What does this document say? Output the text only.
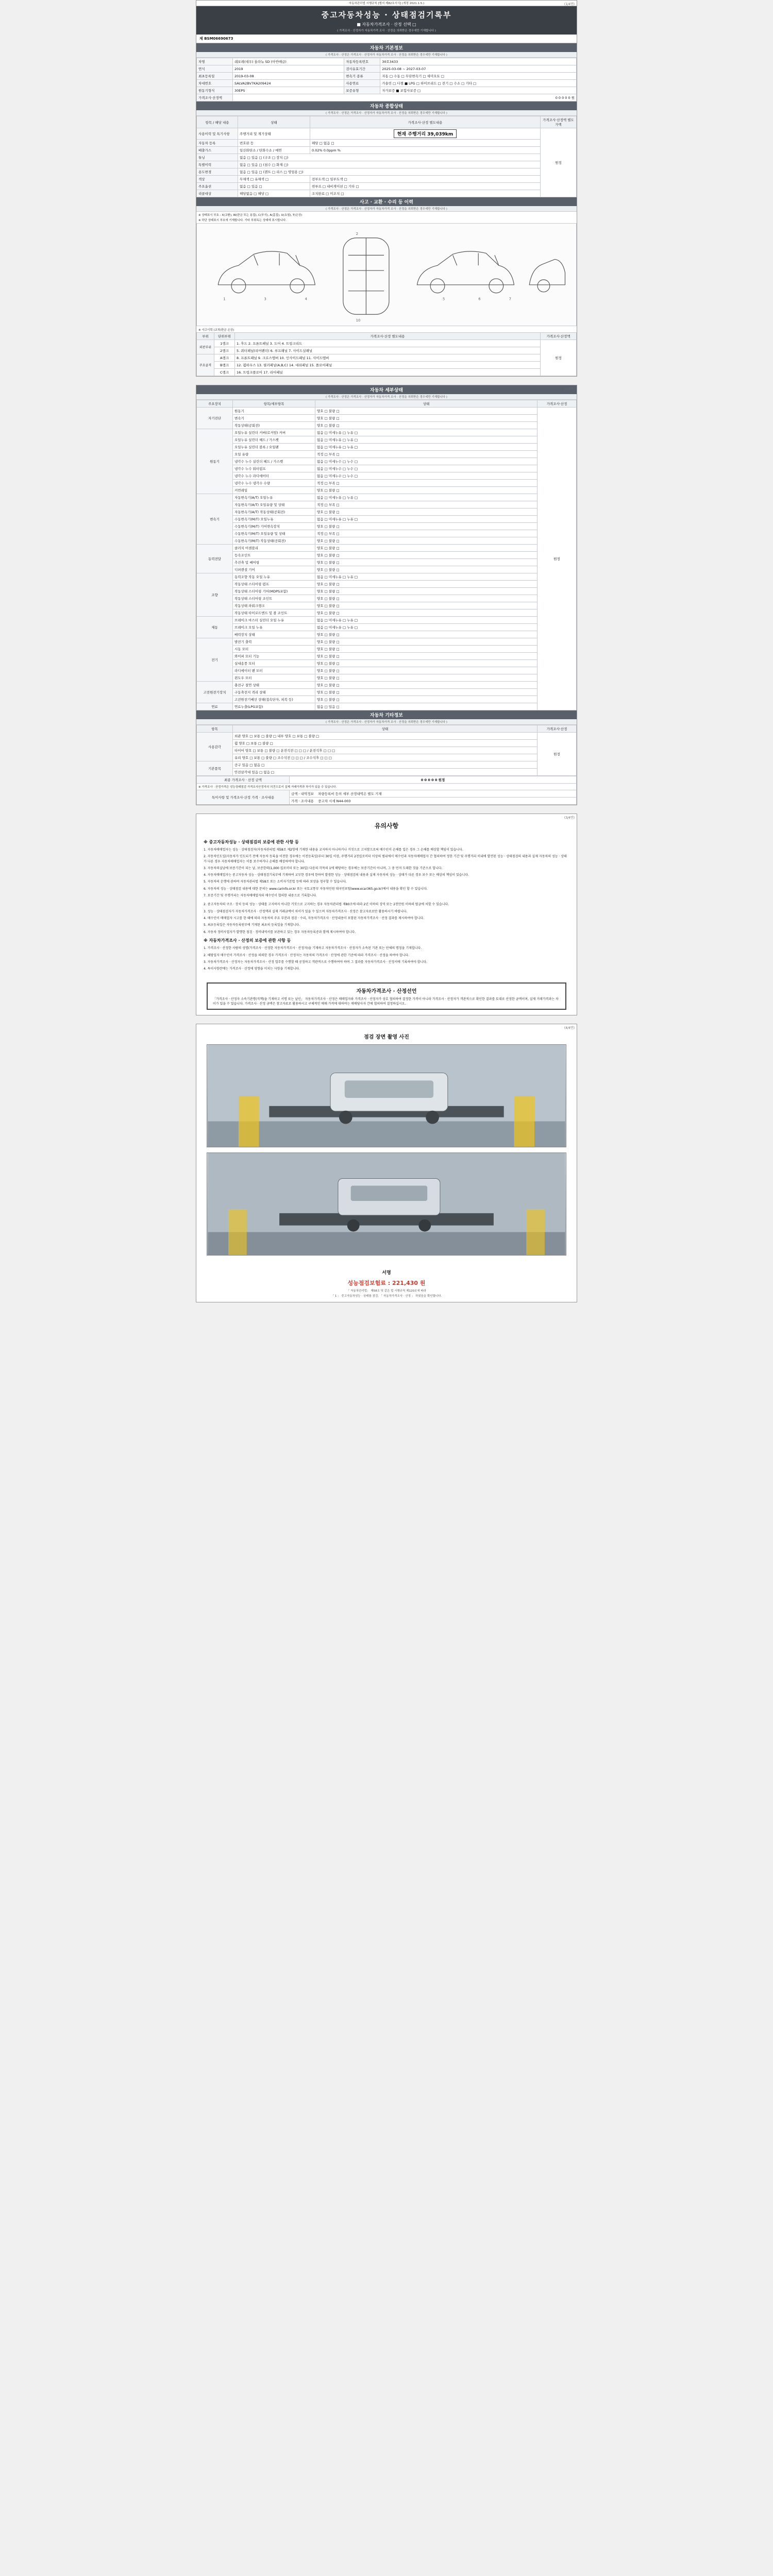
(1/4면)
자동차관리법 시행규칙 [별지 제82호서식] (개정 2021.1.5.)
중고자동차성능 · 상태점검기록부
■ 자동차가격조사 · 산정 선택 □
( 가격조사 · 산정자가 자동차가격 조사 · 산정을 의뢰받은 경우에만 기재합니다 )
제 BSM06690673
자동차 기본정보
( 가격조사 · 산정은 가격조사 · 산정자가 자동차가격 조사 · 산정을 의뢰받은 경우에만 기재합니다 )
차명	쉐보레(대우) 올라뉴 SD (아반떼급)	자동차등록번호	30호3433
연식	2019	검사유효기간	2025-03-08 ~ 2027-03-07
최초등록일	2019-03-08	변속기 종류	자동 □ 수동 □ 무단변속기 □ 세미오토 □
차대번호	SALVA2BV7KA209424	사용연료	가솔린 □ 디젤 ■ LPG □ 하이브리드 □ 전기 □ 수소 □ 기타 □
원동기형식	30EPS	보증유형	자가보증 ■ 보험사보증 □
가격조사·산정액	0 0 0 0 0 원		
자동차 종합상태
( 가격조사 · 산정은 가격조사 · 산정자가 자동차가격 조사 · 산정을 의뢰받은 경우에만 기재합니다 )
항목 / 해당 내용	상태	가격조사·산정 별도내용	가격조사·산정액 별도가액
사용이력 및 특기사항	주행거리 및 계기상태	현재 주행거리 39,039km	원정
자동차 등록	번호판 등	해당 □ 없음 □	
배출가스	일산화탄소 / 탄화수소 / 매연	0.02% 0.0ppm %	
튜닝	없음 □ 있음 □ (구조 □ 장치 □)		
특별이력	없음 □ 있음 □ (침수 □ 화재 □)		
용도변경	없음 □ 있음 □ (렌트 □ 리스 □ 영업용 □)		
색상	무채색 □ 유채색 □	전부도색 □ 일부도색 □	
주요옵션	없음 □ 있음 □	썬루프 □ 내비게이션 □ 기타 □	
리콜대상	해당없음 □ 해당 □	조치완료 □ 미조치 □	
사고 · 교환 · 수리 등 이력
( 가격조사 · 산정은 가격조사 · 산정자가 자동차가격 조사 · 산정을 의뢰받은 경우에만 기재합니다 )
※ 상태표시 부호 : X(교환), W(판금 또는 용접), C(부식), A(흠집), U(요철), T(손상)
※ 하단 상태표시 부호에 기재합니다. 기타 부위독는 상태에 표시합니다.
1	3	4
2
10
5	6	7
※ 사고이력 (교차/판금 손상)
부위	단위부위	가격조사·산정 별도내용	가격조사·산정액
외판부위	1랭크	1. 후드 2. 프론트패널 3. 도어 4. 트렁크리드	원정
	2랭크	5. 쿼터패널(리어펜더) 6. 루프패널 7. 사이드실패널	
주요골격	A랭크	8. 프론트패널 9. 크로스멤버 10. 인사이드패널 11. 사이드멤버	
	B랭크	12. 휠하우스 13. 필러패널(A,B,C) 14. 대쉬패널 15. 플로어패널	
	C랭크	16. 트렁크플로어 17. 리어패널	
(2/4면)
자동차 세부상태
( 가격조사 · 산정은 가격조사 · 산정자가 자동차가격 조사 · 산정을 의뢰받은 경우에만 기재합니다 )
주요장치	항목/세부항목	상태	가격조사·산정
자기진단	원동기	양호 □ 불량 □	원정
	변속기	양호 □ 불량 □	
	작동상태(공회전)	양호 □ 불량 □	
원동기	오일누유 실린더 커버(로커암) 커버	없음 □ 미세누유 □ 누유 □	
	오일누유 실린더 헤드 / 가스켓	없음 □ 미세누유 □ 누유 □	
	오일누유 실린더 블록 / 오일팬	없음 □ 미세누유 □ 누유 □	
	오일 유량	적정 □ 부족 □	
	냉각수 누수 실린더 헤드 / 가스켓	없음 □ 미세누수 □ 누수 □	
	냉각수 누수 워터펌프	없음 □ 미세누수 □ 누수 □	
	냉각수 누수 라디에이터	없음 □ 미세누수 □ 누수 □	
	냉각수 누수 냉각수 수량	적정 □ 부족 □	
	커먼레일	양호 □ 불량 □	
변속기	자동변속기(A/T) 오일누유	없음 □ 미세누유 □ 누유 □	
	자동변속기(A/T) 오일유량 및 상태	적정 □ 부족 □	
	자동변속기(A/T) 작동상태(공회전)	양호 □ 불량 □	
	수동변속기(M/T) 오일누유	없음 □ 미세누유 □ 누유 □	
	수동변속기(M/T) 기어변속장치	양호 □ 불량 □	
	수동변속기(M/T) 오일유량 및 상태	적정 □ 부족 □	
	수동변속기(M/T) 작동상태(공회전)	양호 □ 불량 □	
동력전달	클러치 어셈블리	양호 □ 불량 □	
	등속조인트	양호 □ 불량 □	
	추진축 및 베어링	양호 □ 불량 □	
	디퍼렌셜 기어	양호 □ 불량 □	
조향	동력조향 작동 오일 누유	없음 □ 미세누유 □ 누유 □	
	작동상태 스티어링 펌프	양호 □ 불량 □	
	작동상태 스티어링 기어(MDPS포함)	양호 □ 불량 □	
	작동상태 스티어링 조인트	양호 □ 불량 □	
	작동상태 파워크랭크	양호 □ 불량 □	
	작동상태 타이로드엔드 및 볼 조인트	양호 □ 불량 □	
제동	브레이크 마스터 실린더 오일 누유	없음 □ 미세누유 □ 누유 □	
	브레이크 오일 누유	없음 □ 미세누유 □ 누유 □	
	배력장치 상태	양호 □ 불량 □	
전기	발전기 출력	양호 □ 불량 □	
	시동 모터	양호 □ 불량 □	
	와이퍼 모터 기능	양호 □ 불량 □	
	실내송풍 모터	양호 □ 불량 □	
	라디에이터 팬 모터	양호 □ 불량 □	
	윈도우 모터	양호 □ 불량 □	
고전원전기장치	충전구 절연 상태	양호 □ 불량 □	
	구동축전지 격리 상태	양호 □ 불량 □	
	고전원전기배선 상태(접속단자, 피복 등)	양호 □ 불량 □	
연료	연료누출(LPG포함)	없음 □ 있음 □	
자동차 기타정보
( 가격조사 · 산정은 가격조사 · 산정자가 자동차가격 조사 · 산정을 의뢰받은 경우에만 기재합니다 )
항목	상태	가격조사·산정
사용감각	외관 양호 □ 보통 □ 불량 □ 내부 양호 □ 보통 □ 불량 □	원정
	휠 양호 □ 보통 □ 불량 □	
	타이어 양호 □ 보통 □ 불량 □ 운전석전 □ □ □ / 운전석후 □ □ □	
	유리 양호 □ 보통 □ 불량 □ 조수석전 □ □ □ / 조수석후 □ □ □	
기본품목	공구 있음 □ 없음 □	
	안전삼각대 있음 □ 없음 □	
최종 가격조사 · 산정 금액	0 0 0 0 0 원정
※ 가격조사 · 산정가격은 성능상태점검 가격조사산정자의 의견으로서 실제 거래가격과 차이가 있을 수 있습니다.	
특이사항 및 가격조사·산정 가격 · 조사내용	금액 · 내역정보 차량등록비 등의 세부 산정내역은 별도 기재
	가격 · 조사내용 중고차 시세 N44-003
(3/4면)
유의사항
※ 중고자동차성능 · 상태점검의 보증에 관한 사항 등

1. 자동차매매업자는 성능 · 상태점검자(자동차관리법 제58조 제2항에 기재한 내용을 교지하지 아니하거나 거짓으로 고지함으로써 매수인이 손해를 입은 경우 그 손해를 배상할 책임이 있습니다.

2. 자동차인도일(자동차가 인도되기 전에 자동차 등록을 이전한 경우에는 이전등록일)부터 30일 이상, 주행거리 2천킬로미터 이상의 범위에서 매수인과 자동차매매업자 간 협의하여 정한 기간 및 주행거리 이내에 발견된 성능 · 상태점검의 내용과 실제 자동차의 성능 · 상태가 다른 경우 자동차매매업자는 이를 보수하거나 손해를 배상하여야 합니다.

3. 자동차의실남에 보증기간이 되는 날, 보증한력(1,000 킬로미터 또는 30일) 다음의 각목의 1에 해당하는 경우에는 보증기간이 아니며, 그 중 먼저 도래한 것을 기준으로 합니다.

4. 자동차매매업자는 중고자동차 성능 · 상태점검기록부에 기재하여 교부한 경우에 한하여 발생한 성능 · 상태점검의 내용과 실제 자동차의 성능 · 상태가 다른 경우 보수 또는 배상의 책임이 있습니다.

5. 자동차의 운행에 관하여 자동차관리법 제58조 또는 소비자기본법 등에 따라 보상을 청구할 수 있습니다.

6. 자동차의 성능 · 상태점검 내용에 대한 문의는 www.carinfo.or.kr 또는 국토교통부 자동차민원 대국민포털(www.ecar365.go.kr)에서 내용을 확인 할 수 있습니다.

7. 보증기간 및 주행거리는 자동차매매업자와 매수인이 협의한 내용으로 기록합니다.

2. 중고자동차의 구조 · 장치 등의 성능 · 상태를 고지하지 아니한 거짓으로 고지하는 경우 자동차관리법 제80조에 따라 2년 이하의 징역 또는 2천만원 이하의 벌금에 처할 수 있습니다.

3. 성능 · 상태점검자가 자동차가격조사 · 산정액과 실제 거래금액이 차이가 있을 수 있으며 자동차가격조사 · 산정은 참고자료로만 활용하시기 바랍니다.

4. 매수인이 매매업자 시고를 한 때에 따라 자동차의 주요 부분과 점검 · 수리, 자동차가격조사 · 산정내용이 포함된 자동차가격조사 · 산정 결과를 제시하여야 합니다.

5. 최초등록일은 자동차등록원부에 기재된 최초의 등록일을 기재합니다.

6. 자동차 정비사업자가 발행한 점검 · 정비내역서를 보관하고 있는 경우 자동차등록증과 함께 제시하여야 합니다.

※ 자동차가격조사 · 산정의 보증에 관한 사항 등

1. 가격조사 · 산정한 사람의 성명(가격조사 · 산정한 자동차가격조사 · 산정자)을 기재하고 자동차가격조사 · 산정자가 소속된 기관 또는 단체의 명칭을 기재합니다.

2. 해당일자 매수인이 가격조사 · 산정을 의뢰한 경우 가격조사 · 산정자는 자동차의 가격조사 · 산정에 관한 기준에 따라 가격조사 · 산정을 하여야 합니다.

3. 자동차가격조사 · 산정자는 자동차가격조사 · 산정 업무를 수행할 때 공정하고 객관적으로 수행하여야 하며 그 결과를 자동차가격조사 · 산정서에 기록하여야 합니다.

4. 특이사항란에는 가격조사 · 산정에 영향을 미치는 사항을 기재합니다.

자동차가격조사 · 산정선언
「가격조사 · 산정자 소속기관명(직책)을 기재하고 서명 또는 날인」 자동차가격조사 · 산정은 매매업자와 가격조사 · 산정자가 상호 협의하여 결정한 가격이 아니라 가격조사 · 산정자가 객관적으로 확인한 결과를 토대로 산정한 금액이며, 실제 거래가격과는 차이가 있을 수 있습니다. 가격조사 · 산정 금액은 참고자료로 활용하시고 구체적인 매매 가격에 대하여는 매매당사자 간에 협의하여 결정하십시오.
(4/4면)
점검 장면 촬영 사진
서명
성능점검보험료 : 221,430 원
「 자동차관리법」 제58조 및 같은 법 시행규칙 제120조에 따라
「 1 」 중고자동차성능 · 상태를 점검, 「 자동차가격조사 · 산정 」 하였음을 확인합니다.
